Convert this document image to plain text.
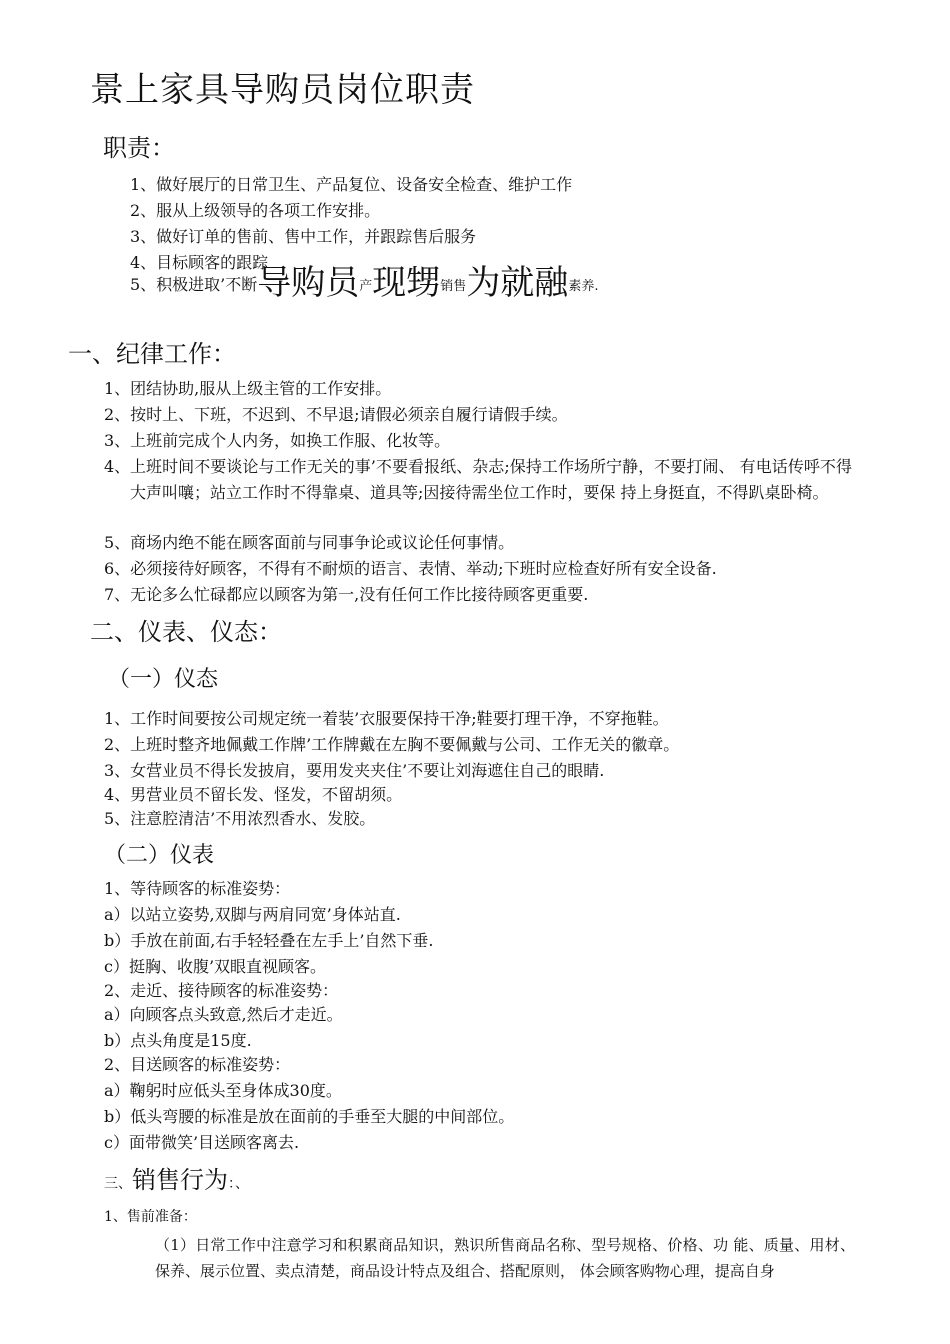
景上家具导购员岗位职责
职责：
1、做好展厅的日常卫生、产品复位、设备安全检查、维护工作
2、服从上级领导的各项工作安排。
3、做好订单的售前、售中工作，并跟踪售后服务
4、目标顾客的跟踪
5、积极进取’不断导购员产现甥销售为就融素养.
一、纪律工作：
1、团结协助,服从上级主管的工作安排。
2、按时上、下班，不迟到、不早退;请假必须亲自履行请假手续。
3、上班前完成个人内务，如换工作服、化妆等。
4、 上班时间不要谈论与工作无关的事’不要看报纸、杂志;保持工作场所宁静，不要打闹、 有电话传呼不得大声叫嚷；站立工作时不得靠桌、道具等;因接待需坐位工作时，要保 持上身挺直，不得趴桌卧椅。
5、商场内绝不能在顾客面前与同事争论或议论任何事情。
6、必须接待好顾客，不得有不耐烦的语言、表情、举动;下班时应检查好所有安全设备.
7、无论多么忙碌都应以顾客为第一,没有任何工作比接待顾客更重要.
二、仪表、仪态：
（一）仪态
1、工作时间要按公司规定统一着装’衣服要保持干净;鞋要打理干净，不穿拖鞋。
2、上班时整齐地佩戴工作牌’工作牌戴在左胸不要佩戴与公司、工作无关的徽章。
3、女营业员不得长发披肩，要用发夹夹住’不要让刘海遮住自己的眼睛.
4、男营业员不留长发、怪发，不留胡须。
5、注意腔清洁’不用浓烈香水、发胶。
（二）仪表
1、等待顾客的标准姿势：
a）以站立姿势,双脚与两肩同宽’身体站直.
b）手放在前面,右手轻轻叠在左手上’自然下垂.
c）挺胸、收腹’双眼直视顾客。
2、走近、接待顾客的标准姿势：
a）向顾客点头致意,然后才走近。
b）点头角度是15度.
2、目送顾客的标准姿势：
a）鞠躬时应低头至身体成30度。
b）低头弯腰的标准是放在面前的手垂至大腿的中间部位。
c）面带微笑’目送顾客离去.
三、销售行为：、
1、售前准备：
（1）日常工作中注意学习和积累商品知识，熟识所售商品名称、型号规格、价格、功 能、质量、用材、保养、展示位置、卖点清楚，商品设计特点及组合、搭配原则， 体会顾客购物心理，提高自身
